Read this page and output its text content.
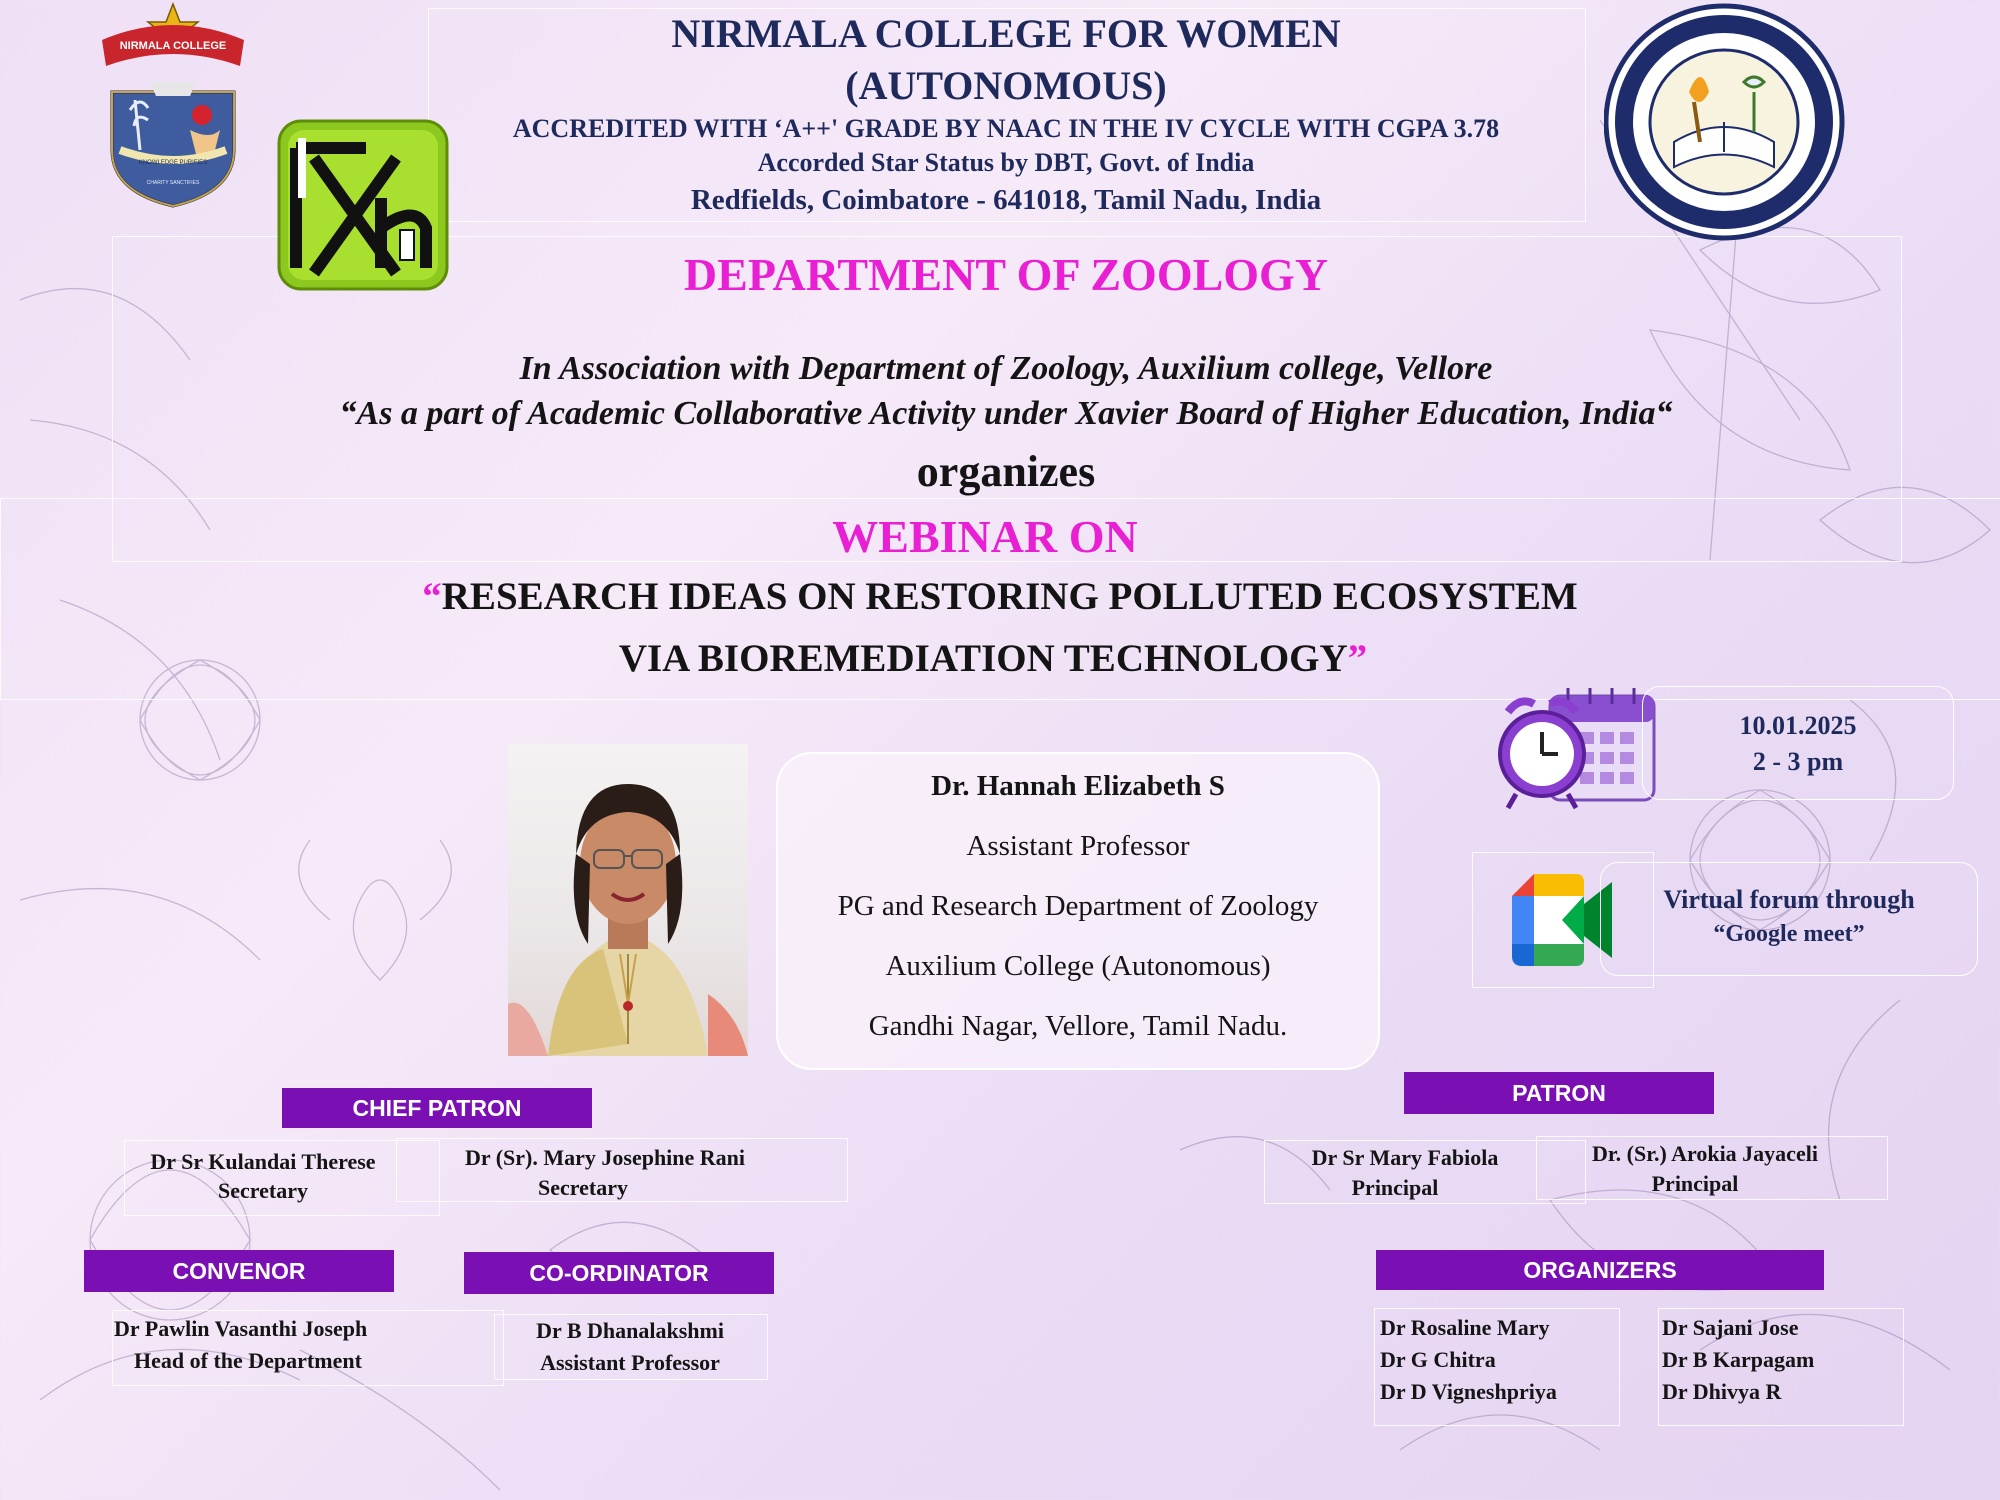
NIRMALA COLLEGE
KNOWLEDGE PURIFIES
CHARITY SANCTIFIES
NIRMALA COLLEGE FOR WOMEN
(AUTONOMOUS)
ACCREDITED WITH ‘A++' GRADE BY NAAC IN THE IV CYCLE WITH CGPA 3.78
Accorded Star Status by DBT, Govt. of India
Redfields, Coimbatore - 641018, Tamil Nadu, India
DEPARTMENT OF ZOOLOGY
In Association with Department of Zoology, Auxilium college, Vellore
“As a part of Academic Collaborative Activity under Xavier Board of Higher Education, India“
organizes
WEBINAR ON
“RESEARCH IDEAS ON RESTORING POLLUTED ECOSYSTEM
VIA BIOREMEDIATION TECHNOLOGY”
Dr. Hannah Elizabeth S
Assistant Professor
PG and Research Department of Zoology
Auxilium College (Autonomous)
Gandhi Nagar, Vellore, Tamil Nadu.
10.01.2025
2 - 3 pm
Virtual forum through
“Google meet”
CHIEF PATRON
Dr Sr Kulandai Therese
Secretary
Dr (Sr). Mary Josephine Rani
Secretary
PATRON
Dr Sr Mary Fabiola
Principal
Dr. (Sr.) Arokia Jayaceli
Principal
CONVENOR
Dr Pawlin Vasanthi Joseph
Head of the Department
CO-ORDINATOR
Dr B Dhanalakshmi
Assistant Professor
ORGANIZERS
Dr Rosaline Mary
Dr G Chitra
Dr D Vigneshpriya
Dr Sajani Jose
Dr B Karpagam
Dr Dhivya R
